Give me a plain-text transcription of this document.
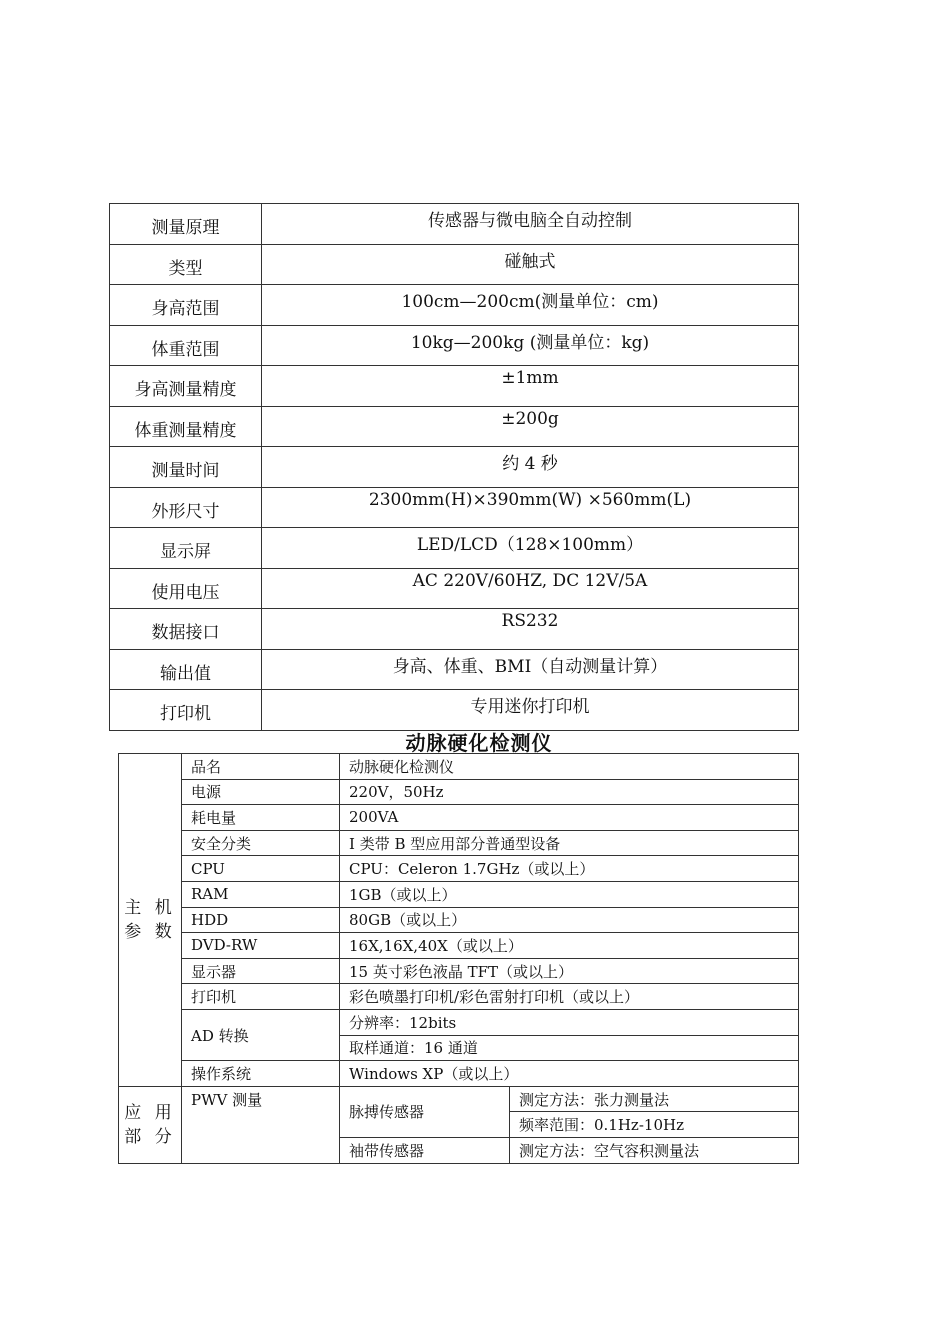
测量原理	传感器与微电脑全自动控制
类型	碰触式
身高范围	100cm—200cm(测量单位：cm)
体重范围	10kg—200kg (测量单位：kg)
身高测量精度	±1mm
体重测量精度	±200g
测量时间	约 4 秒
外形尺寸	2300mm(H)×390mm(W) ×560mm(L)
显示屏	LED/LCD（128×100mm）
使用电压	AC 220V/60HZ, DC 12V/5A
数据接口	RS232
输出值	身高、体重、BMI（自动测量计算）
打印机	专用迷你打印机
动脉硬化检测仪
主 机
参 数	品名	动脉硬化检测仪	
	电源	220V，50Hz	
	耗电量	200VA	
	安全分类	I 类带 B 型应用部分普通型设备	
	CPU	CPU：Celeron 1.7GHz（或以上）	
	RAM	1GB（或以上）	
	HDD	80GB（或以上）	
	DVD-RW	16X,16X,40X（或以上）	
	显示器	15 英寸彩色液晶 TFT（或以上）	
	打印机	彩色喷墨打印机/彩色雷射打印机（或以上）	
	AD 转换	分辨率：12bits	
		取样通道：16 通道	
	操作系统	Windows XP（或以上）	

应 用
部 分	PWV 测量	脉搏传感器	测定方法：张力测量法
			频率范围：0.1Hz-10Hz
		袖带传感器	测定方法：空气容积测量法
